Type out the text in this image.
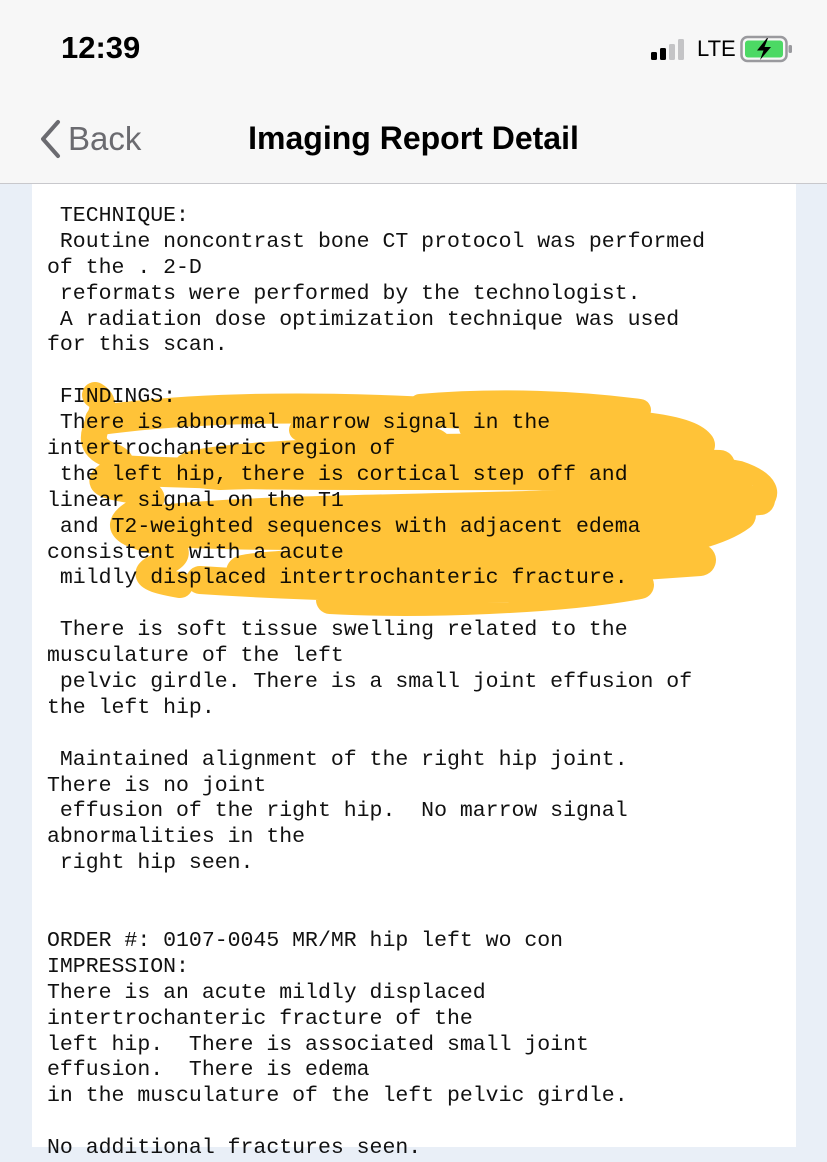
12:39	LTE
Back	Imaging Report Detail
TECHNIQUE:
Routine noncontrast bone CT protocol was performed
of the . 2-D
reformats were performed by the technologist.
A radiation dose optimization technique was used
for this scan.

FINDINGS:
There is abnormal marrow signal in the
intertrochanteric region of
the left hip, there is cortical step off and
linear signal on the T1
and T2-weighted sequences with adjacent edema
consistent with a acute
mildly displaced intertrochanteric fracture.

There is soft tissue swelling related to the
musculature of the left
pelvic girdle. There is a small joint effusion of
the left hip.

Maintained alignment of the right hip joint.
There is no joint
effusion of the right hip.  No marrow signal
abnormalities in the
right hip seen.

ORDER #: 0107-0045 MR/MR hip left wo con
IMPRESSION:
There is an acute mildly displaced
intertrochanteric fracture of the
left hip.  There is associated small joint
effusion.  There is edema
in the musculature of the left pelvic girdle.

No additional fractures seen.
